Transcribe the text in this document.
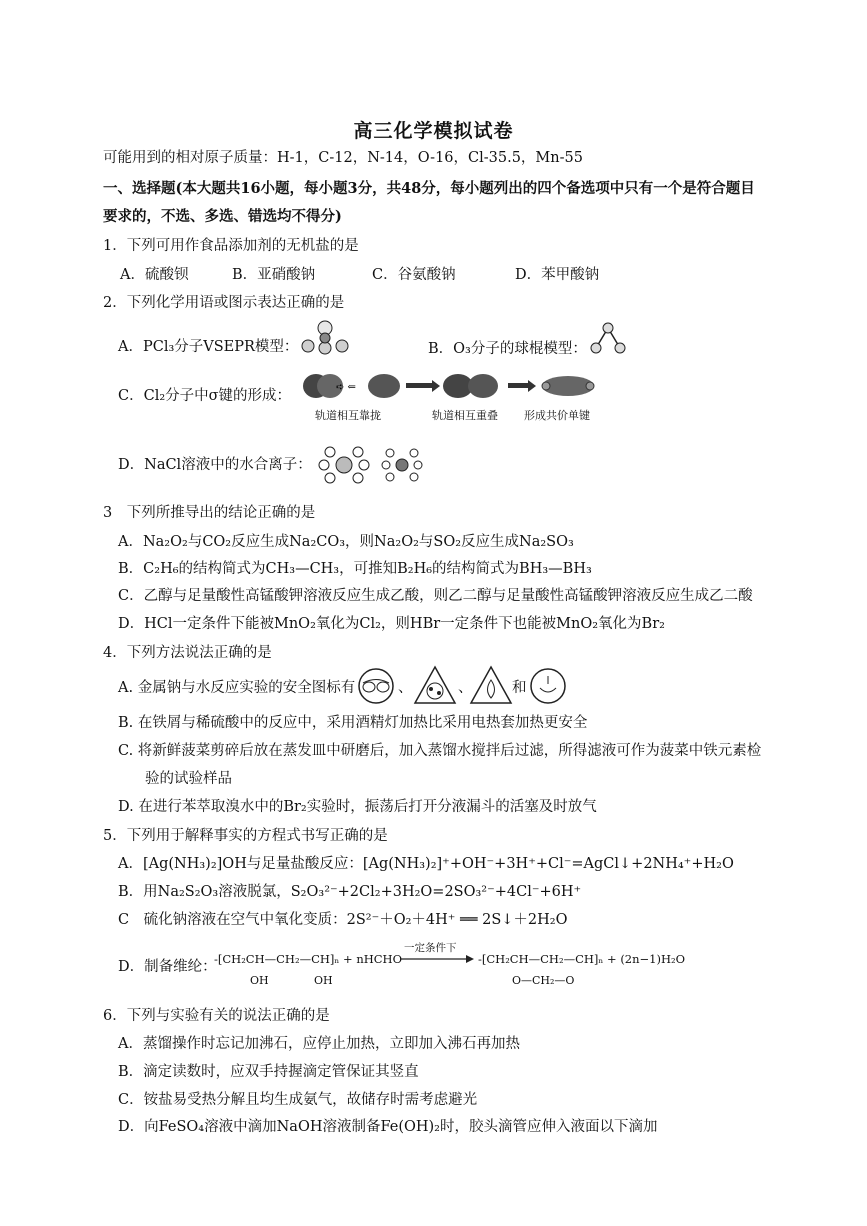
高三化学模拟试卷
可能用到的相对原子质量：H-1，C-12，N-14，O-16，Cl-35.5，Mn-55
一、选择题(本大题共16小题，每小题3分，共48分，每小题列出的四个备选项中只有一个是符合题目
要求的，不选、多选、错选均不得分)
1．下列可用作食品添加剂的无机盐的是
A．硫酸钡	B．亚硝酸钠	C．谷氨酸钠	D．苯甲酸钠
2．下列化学用语或图示表达正确的是
A．PCl₃分子VSEPR模型：	B．O₃分子的球棍模型：
C．Cl₂分子中σ键的形成：
➪ ⇐
轨道相互靠拢	轨道相互重叠 形成共价单键
D．NaCl溶液中的水合离子：
3　下列所推导出的结论正确的是
A．Na₂O₂与CO₂反应生成Na₂CO₃，则Na₂O₂与SO₂反应生成Na₂SO₃
B．C₂H₆的结构简式为CH₃—CH₃，可推知B₂H₆的结构简式为BH₃—BH₃
C．乙醇与足量酸性高锰酸钾溶液反应生成乙酸，则乙二醇与足量酸性高锰酸钾溶液反应生成乙二酸
D．HCl一定条件下能被MnO₂氧化为Cl₂，则HBr一定条件下也能被MnO₂氧化为Br₂
4．下列方法说法正确的是
A. 金属钠与水反应实验的安全图标有	、	、	和
B. 在铁屑与稀硫酸中的反应中，采用酒精灯加热比采用电热套加热更安全
C. 将新鲜菠菜剪碎后放在蒸发皿中研磨后，加入蒸馏水搅拌后过滤，所得滤液可作为菠菜中铁元素检
验的试验样品
D. 在进行苯萃取溴水中的Br₂实验时，振荡后打开分液漏斗的活塞及时放气
5．下列用于解释事实的方程式书写正确的是
A．[Ag(NH₃)₂]OH与足量盐酸反应：[Ag(NH₃)₂]⁺+OH⁻+3H⁺+Cl⁻=AgCl↓+2NH₄⁺+H₂O
B．用Na₂S₂O₃溶液脱氯，S₂O₃²⁻+2Cl₂+3H₂O=2SO₃²⁻+4Cl⁻+6H⁺
C　硫化钠溶液在空气中氧化变质：2S²⁻＋O₂＋4H⁺ ══ 2S↓＋2H₂O
D．制备维纶：
-[CH₂CH—CH₂—CH]ₙ + nHCHO
OH	OH
一定条件下
-[CH₂CH—CH₂—CH]ₙ + (2n−1)H₂O
O—CH₂—O
6．下列与实验有关的说法正确的是
A．蒸馏操作时忘记加沸石，应停止加热，立即加入沸石再加热
B．滴定读数时，应双手持握滴定管保证其竖直
C．铵盐易受热分解且均生成氨气，故储存时需考虑避光
D．向FeSO₄溶液中滴加NaOH溶液制备Fe(OH)₂时，胶头滴管应伸入液面以下滴加
